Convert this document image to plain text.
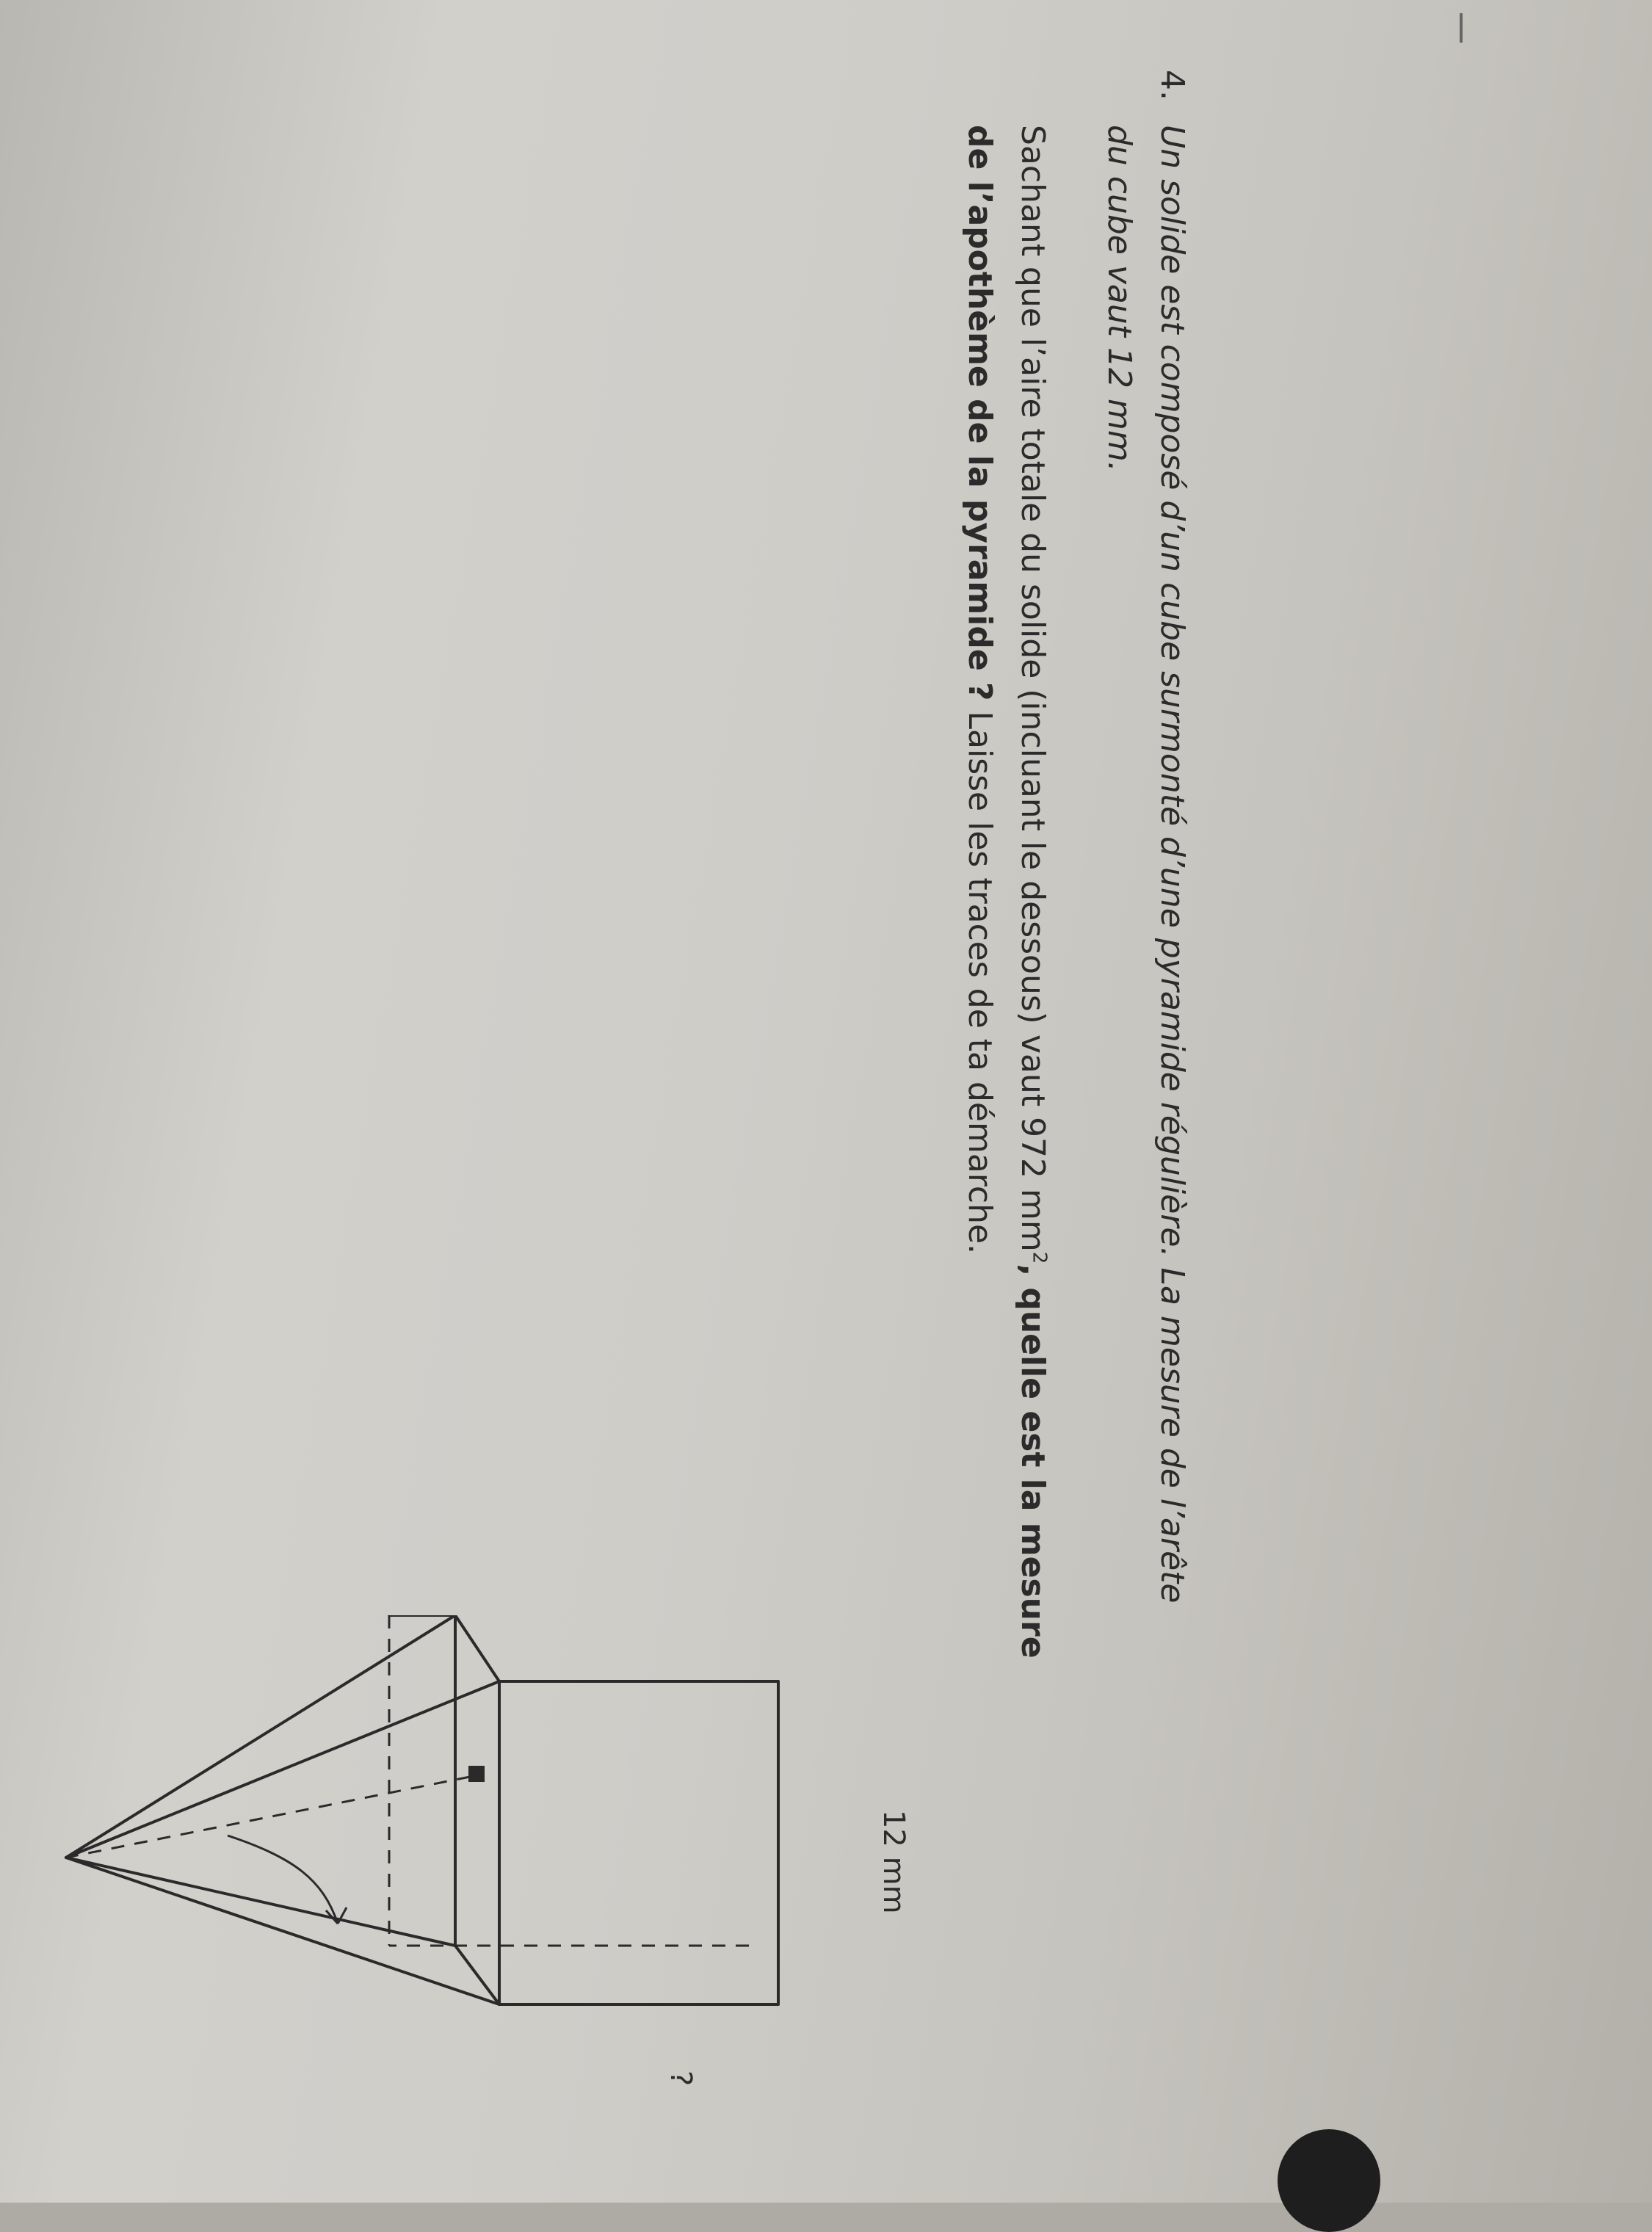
4.
Un solide est composé d’un cube surmonté d’une pyramide régulière. La mesure de l’arête
du cube vaut 12 mm.
Sachant que l’aire totale du solide (incluant le dessous) vaut 972 $mm^2$, quelle est la mesure
de l’apothème de la pyramide ? Laisse les traces de ta démarche.
12 mm
?
